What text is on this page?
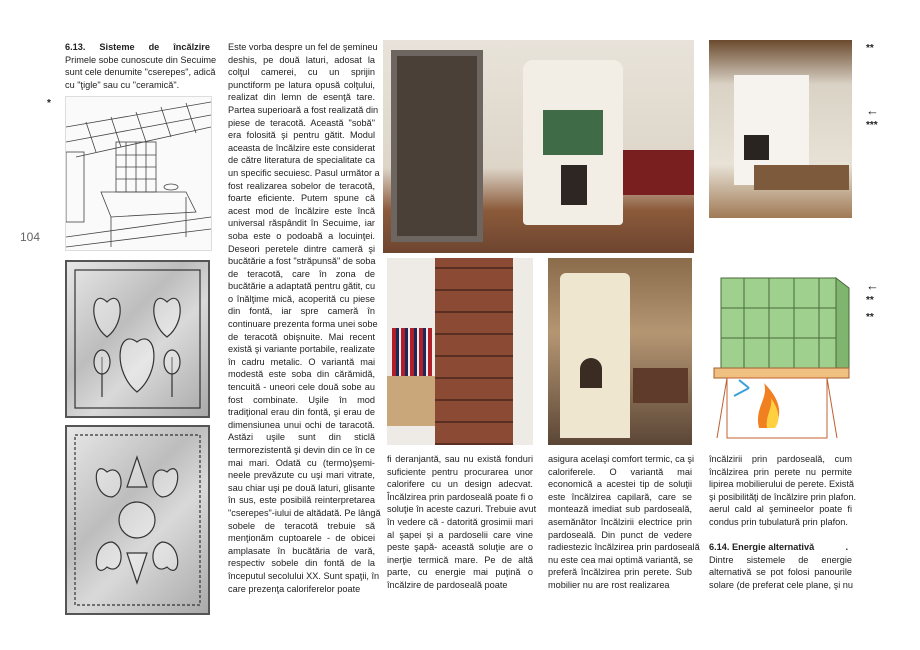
104
*
**
←
***
←
**
**
6.13. Sisteme de încălzire
Primele sobe cunoscute din Secuime
sunt cele denumite "cserepes", adică
cu "ţigle" sau cu "ceramică".
Este vorba despre un fel de şemineu
deshis, pe două laturi, adosat la
colţul camerei, cu un sprijin
punctiform pe latura opusă colţului,
realizat din lemn de esenţă tare.
Partea superioară a fost realizată din
piese de teracotă. Această "sobă"
era folosită şi pentru gătit. Modul
aceasta de încălzire este considerat
de către literatura de specialitate ca
un specific secuiesc. Pasul următor a
fost realizarea sobelor de teracotă,
foarte eficiente. Putem spune că
acest mod de încălzire este încă
universal răspândit în Secuime, iar
soba este o podoabă a locuinţei.
Deseori peretele dintre cameră şi
bucătărie a fost "străpunsă" de soba
de teracotă, care în zona de
bucătărie a adaptată pentru gătit, cu
o înălţime mică, acoperită cu piese
din fontă, iar spre cameră în
continuare prezenta forma unei sobe
de teracotă obişnuite. Mai recent
există şi variante portabile, realizate
în cadru metalic. O variantă mai
modestă este soba din cărămidă,
tencuită - uneori cele două sobe au
fost combinate. Uşile în mod
tradiţional erau din fontă, şi erau de
dimensiunea unui ochi de taracotă.
Astăzi uşile sunt din sticlă
termorezistentă şi devin din ce în ce
mai mari. Odată cu (termo)şemi-
neele prevăzute cu uşi mari vitrate,
sau chiar uşi pe două laturi, glisante
în sus, este posibilă reinterpretarea
"cserepes"-iului de altădată. Pe lângă
sobele de teracotă trebuie să
menţionăm cuptoarele - de obicei
amplasate în bucătăria de vară,
respectiv sobele din fontă de la
începutul secolului XX. Sunt spaţii, în
care prezenţa caloriferelor poate
fi deranjantă, sau nu există fonduri
suficiente pentru procurarea unor
calorifere cu un design adecvat.
Încălzirea prin pardoseală poate fi o
soluţie în aceste cazuri. Trebuie avut
în vedere că - datorită grosimii mari
al şapei şi a pardoselii care vine
peste şapă- această soluţie are o
inerţie termică mare. Pe de altă
parte, cu energie mai puţină o
încălzire de pardoseală poate
asigura acelaşi comfort termic, ca şi
caloriferele. O variantă mai
economică a acestei tip de soluţii
este încălzirea capilară, care se
montează imediat sub pardoseală,
asemănător încălzirii electrice prin
pardoseală. Din punct de vedere
radiestezic încălzirea prin pardoseală
nu este cea mai optimă variantă, se
preferă încălzirea prin perete. Sub
mobilier nu are rost realizarea
încălzirii prin pardoseală, cum
încălzirea prin perete nu permite
lipirea mobilierului de perete. Există
şi posibilităţi de încălzire prin plafon.
aerul cald al şemineelor poate fi
condus prin tubulatură prin plafon.
6.14. Energie alternativă	.
Dintre sistemele de energie
alternativă se pot folosi panourile
solare (de preferat cele plane, şi nu
